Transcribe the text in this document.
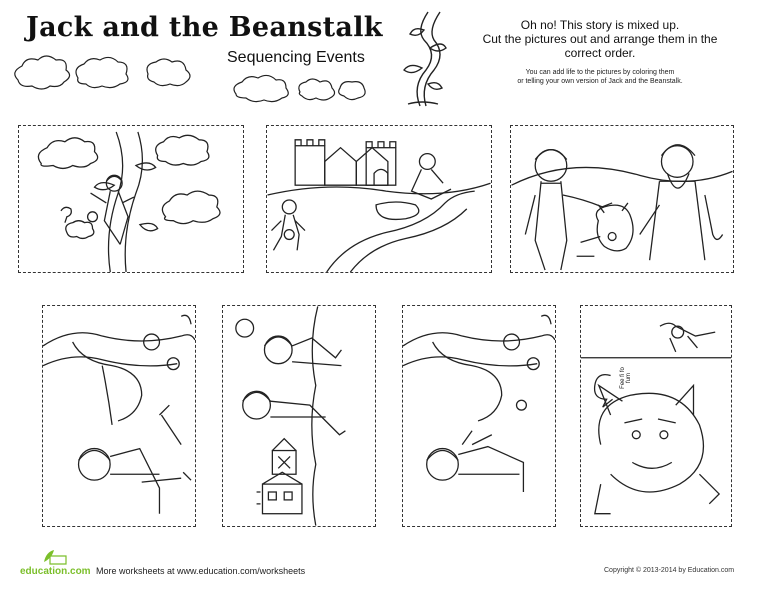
Jack and the Beanstalk
Sequencing Events
Oh no! This story is mixed up.
Cut the pictures out and arrange them in the
correct order.
You can add life to the pictures by coloring them
or telling your own version of Jack and the Beanstalk.
Fee fi fo fum
education.com More worksheets at www.education.com/worksheets	Copyright © 2013-2014 by Education.com
